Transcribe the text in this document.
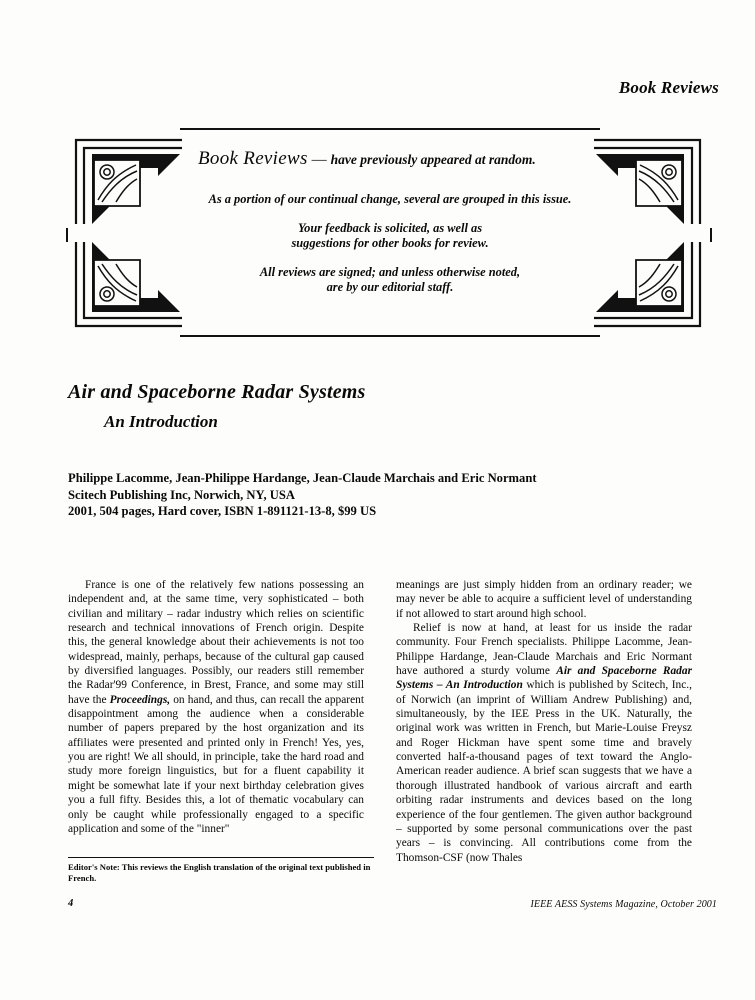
Book Reviews
Book Reviews — have previously appeared at random.
As a portion of our continual change, several are grouped in this issue.
Your feedback is solicited, as well as
suggestions for other books for review.
All reviews are signed; and unless otherwise noted,
are by our editorial staff.
Air and Spaceborne Radar Systems
An Introduction
Philippe Lacomme, Jean-Philippe Hardange, Jean-Claude Marchais and Eric Normant
Scitech Publishing Inc, Norwich, NY, USA
2001, 504 pages, Hard cover, ISBN 1-891121-13-8, $99 US

France is one of the relatively few nations possessing an independent and, at the same time, very sophisticated – both civilian and military – radar industry which relies on scientific research and technical innovations of French origin. Despite this, the general knowledge about their achievements is not too widespread, mainly, perhaps, because of the cultural gap caused by diversified languages. Possibly, our readers still remember the Radar'99 Conference, in Brest, France, and some may still have the Proceedings, on hand, and thus, can recall the apparent disappointment among the audience when a considerable number of papers prepared by the host organization and its affiliates were presented and printed only in French! Yes, yes, you are right! We all should, in principle, take the hard road and study more foreign linguistics, but for a fluent capability it might be somewhat late if your next birthday celebration gives you a full fifty. Besides this, a lot of thematic vocabulary can only be caught while professionally engaged to a specific application and some of the "inner"

meanings are just simply hidden from an ordinary reader; we may never be able to acquire a sufficient level of understanding if not allowed to start around high school.

Relief is now at hand, at least for us inside the radar community. Four French specialists. Philippe Lacomme, Jean-Philippe Hardange, Jean-Claude Marchais and Eric Normant have authored a sturdy volume Air and Spaceborne Radar Systems – An Introduction which is published by Scitech, Inc., of Norwich (an imprint of William Andrew Publishing) and, simultaneously, by the IEE Press in the UK. Naturally, the original work was written in French, but Marie-Louise Freysz and Roger Hickman have spent some time and bravely converted half-a-thousand pages of text toward the Anglo-American reader audience. A brief scan suggests that we have a thorough illustrated handbook of various aircraft and earth orbiting radar instruments and devices based on the long experience of the four gentlemen. The given author background – supported by some personal communications over the past years – is convincing. All contributions come from the Thomson-CSF (now Thales

Editor's Note: This reviews the English translation of the original text published in French.
4	IEEE AESS Systems Magazine, October 2001
